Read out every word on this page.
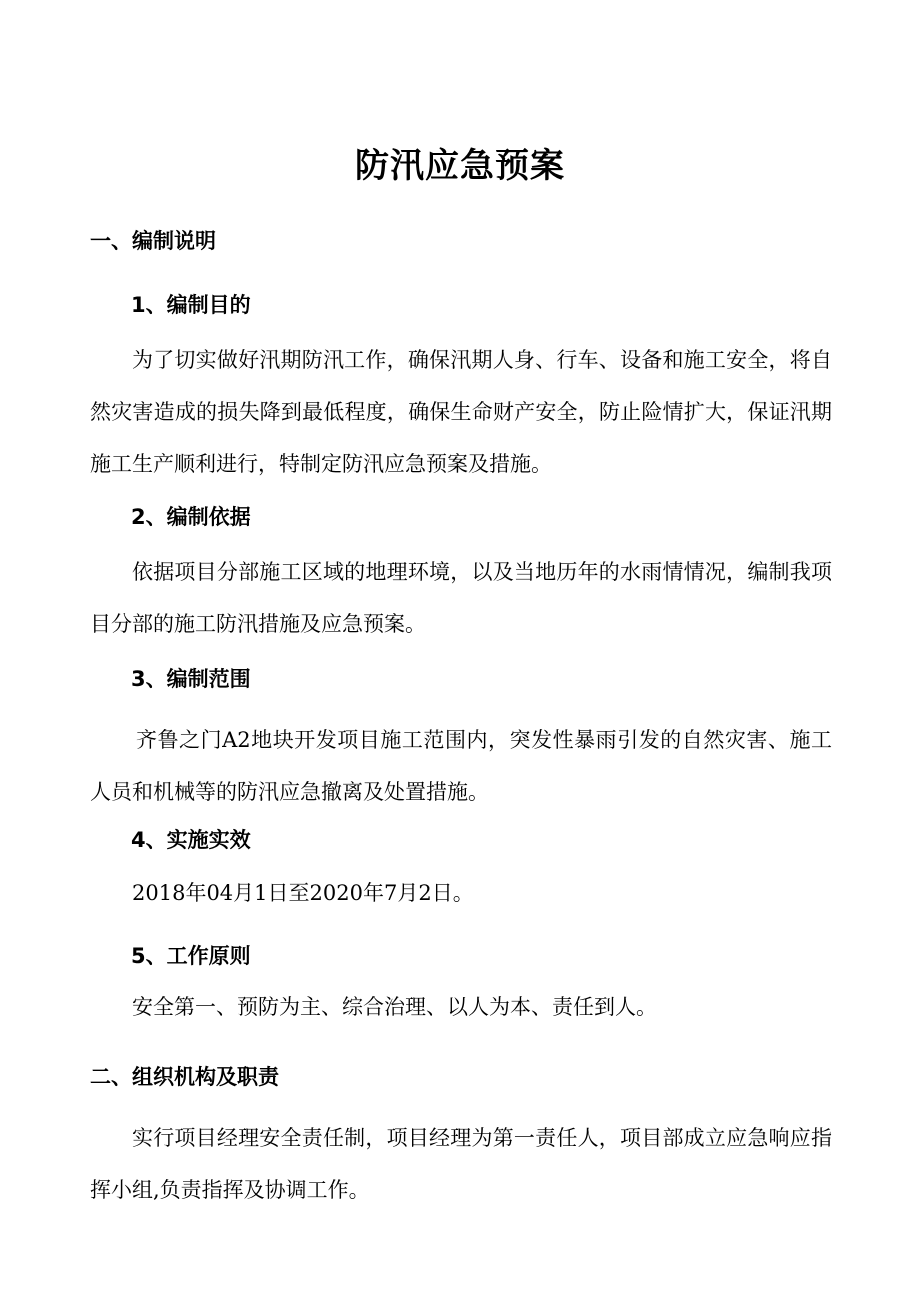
防汛应急预案
一、编制说明
1、编制目的
为了切实做好汛期防汛工作，确保汛期人身、行车、设备和施工安全，将自然灾害造成的损失降到最低程度，确保生命财产安全，防止险情扩大，保证汛期施工生产顺利进行，特制定防汛应急预案及措施。
2、编制依据
依据项目分部施工区域的地理环境，以及当地历年的水雨情情况，编制我项目分部的施工防汛措施及应急预案。
3、编制范围
齐鲁之门A2地块开发项目施工范围内，突发性暴雨引发的自然灾害、施工人员和机械等的防汛应急撤离及处置措施。
4、实施实效
2018年04月1日至2020年7月2日。
5、工作原则
安全第一、预防为主、综合治理、以人为本、责任到人。
二、组织机构及职责
实行项目经理安全责任制，项目经理为第一责任人，项目部成立应急响应指挥小组,负责指挥及协调工作。
